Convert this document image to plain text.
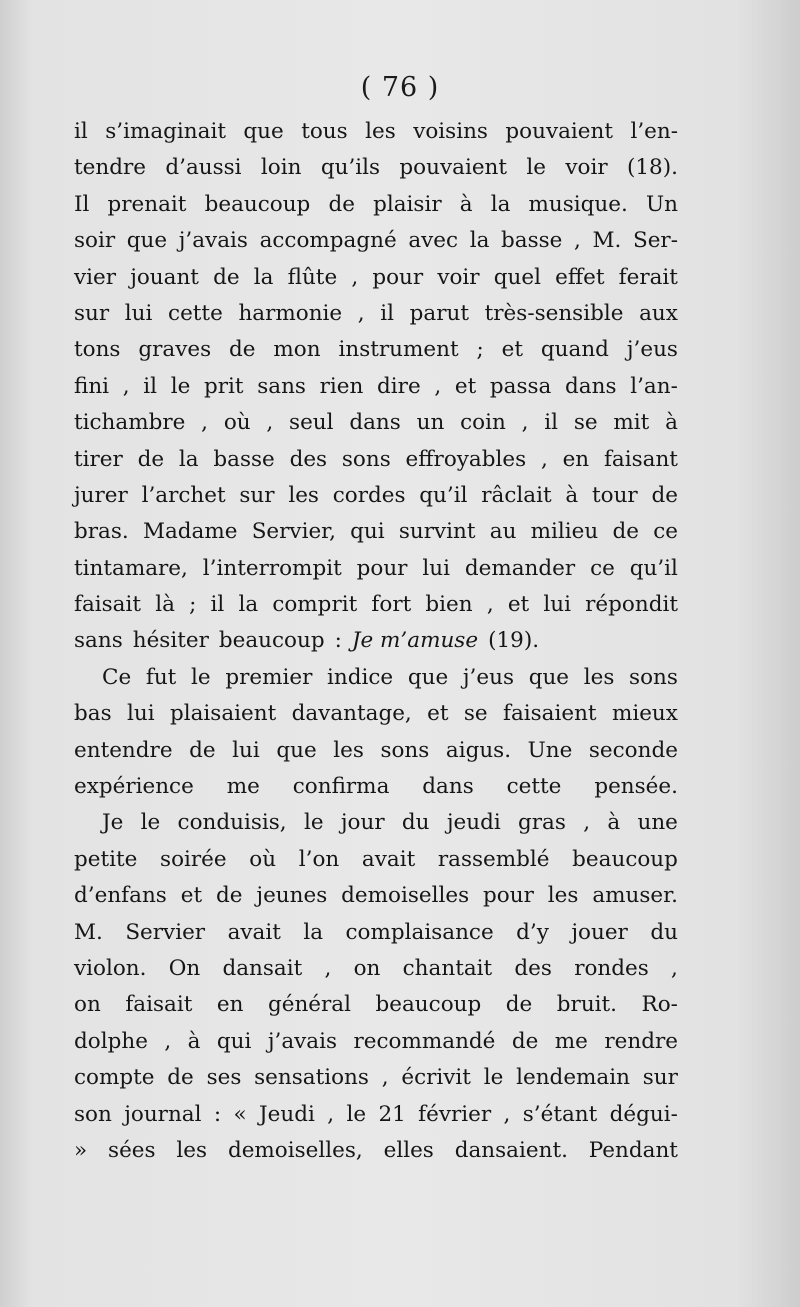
( 76 )
il s’imaginait que tous les voisins pouvaient l’en-
tendre d’aussi loin qu’ils pouvaient le voir (18).
Il prenait beaucoup de plaisir à la musique. Un
soir que j’avais accompagné avec la basse , M. Ser-
vier jouant de la flûte , pour voir quel effet ferait
sur lui cette harmonie , il parut très-sensible aux
tons graves de mon instrument ; et quand j’eus
fini , il le prit sans rien dire , et passa dans l’an-
tichambre , où , seul dans un coin , il se mit à
tirer de la basse des sons effroyables , en faisant
jurer l’archet sur les cordes qu’il râclait à tour de
bras. Madame Servier, qui survint au milieu de ce
tintamare, l’interrompit pour lui demander ce qu’il
faisait là ; il la comprit fort bien , et lui répondit
sans hésiter beaucoup : Je m’amuse (19).
Ce fut le premier indice que j’eus que les sons
bas lui plaisaient davantage, et se faisaient mieux
entendre de lui que les sons aigus. Une seconde
expérience me confirma dans cette pensée.
Je le conduisis, le jour du jeudi gras , à une
petite soirée où l’on avait rassemblé beaucoup
d’enfans et de jeunes demoiselles pour les amuser.
M. Servier avait la complaisance d’y jouer du
violon. On dansait , on chantait des rondes ,
on faisait en général beaucoup de bruit. Ro-
dolphe , à qui j’avais recommandé de me rendre
compte de ses sensations , écrivit le lendemain sur
son journal : « Jeudi , le 21 février , s’étant dégui-
» sées les demoiselles, elles dansaient. Pendant
